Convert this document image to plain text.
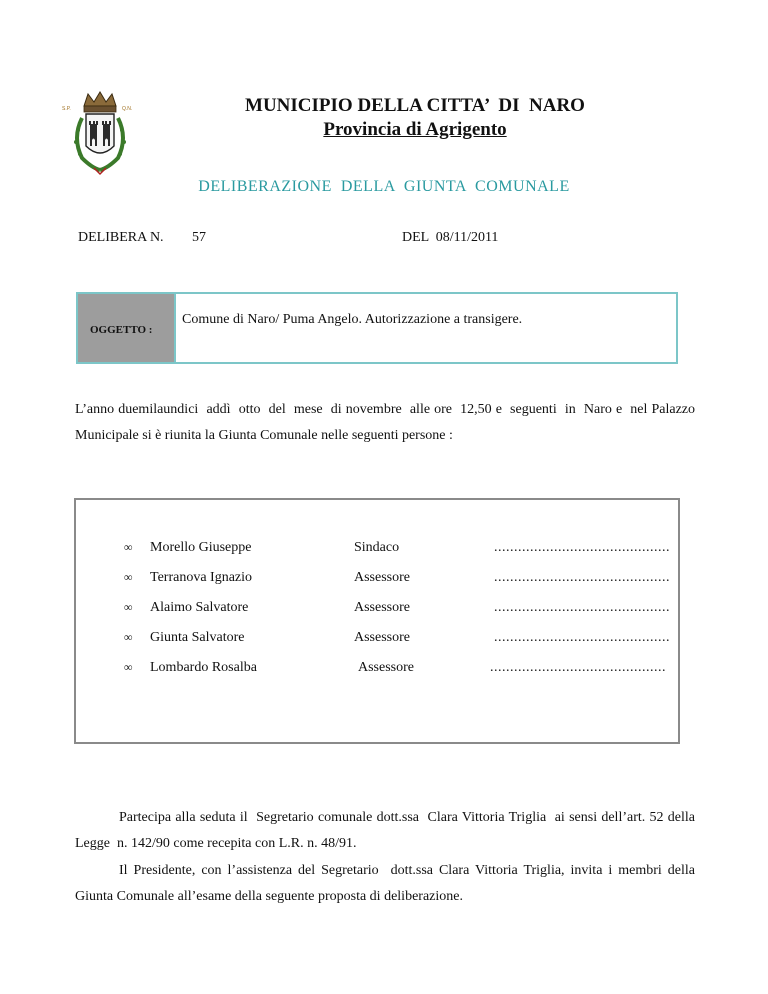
S.P.	Q.N.	MUNICIPIO DELLA CITTA’  DI  NARO
Provincia di Agrigento
DELIBERAZIONE  DELLA  GIUNTA  COMUNALE
DELIBERA N. 57	DEL  08/11/2011
OGGETTO :
Comune di Naro/ Puma Angelo. Autorizzazione a transigere.
L’anno duemilaundici  addì  otto  del  mese  di novembre  alle ore  12,50 e  seguenti  in  Naro e  nel Palazzo Municipale si è riunita la Giunta Comunale nelle seguenti persone :
∞ Morello Giuseppe	Sindaco	............................................
∞ Terranova Ignazio	Assessore	............................................
∞ Alaimo Salvatore	Assessore	............................................
∞ Giunta Salvatore	Assessore	............................................
∞ Lombardo Rosalba	Assessore	............................................
Partecipa alla seduta il  Segretario comunale dott.ssa  Clara Vittoria Triglia  ai sensi dell’art. 52 della Legge  n. 142/90 come recepita con L.R. n. 48/91.
Il Presidente, con l’assistenza del Segretario  dott.ssa Clara Vittoria Triglia, invita i membri della Giunta Comunale all’esame della seguente proposta di deliberazione.
